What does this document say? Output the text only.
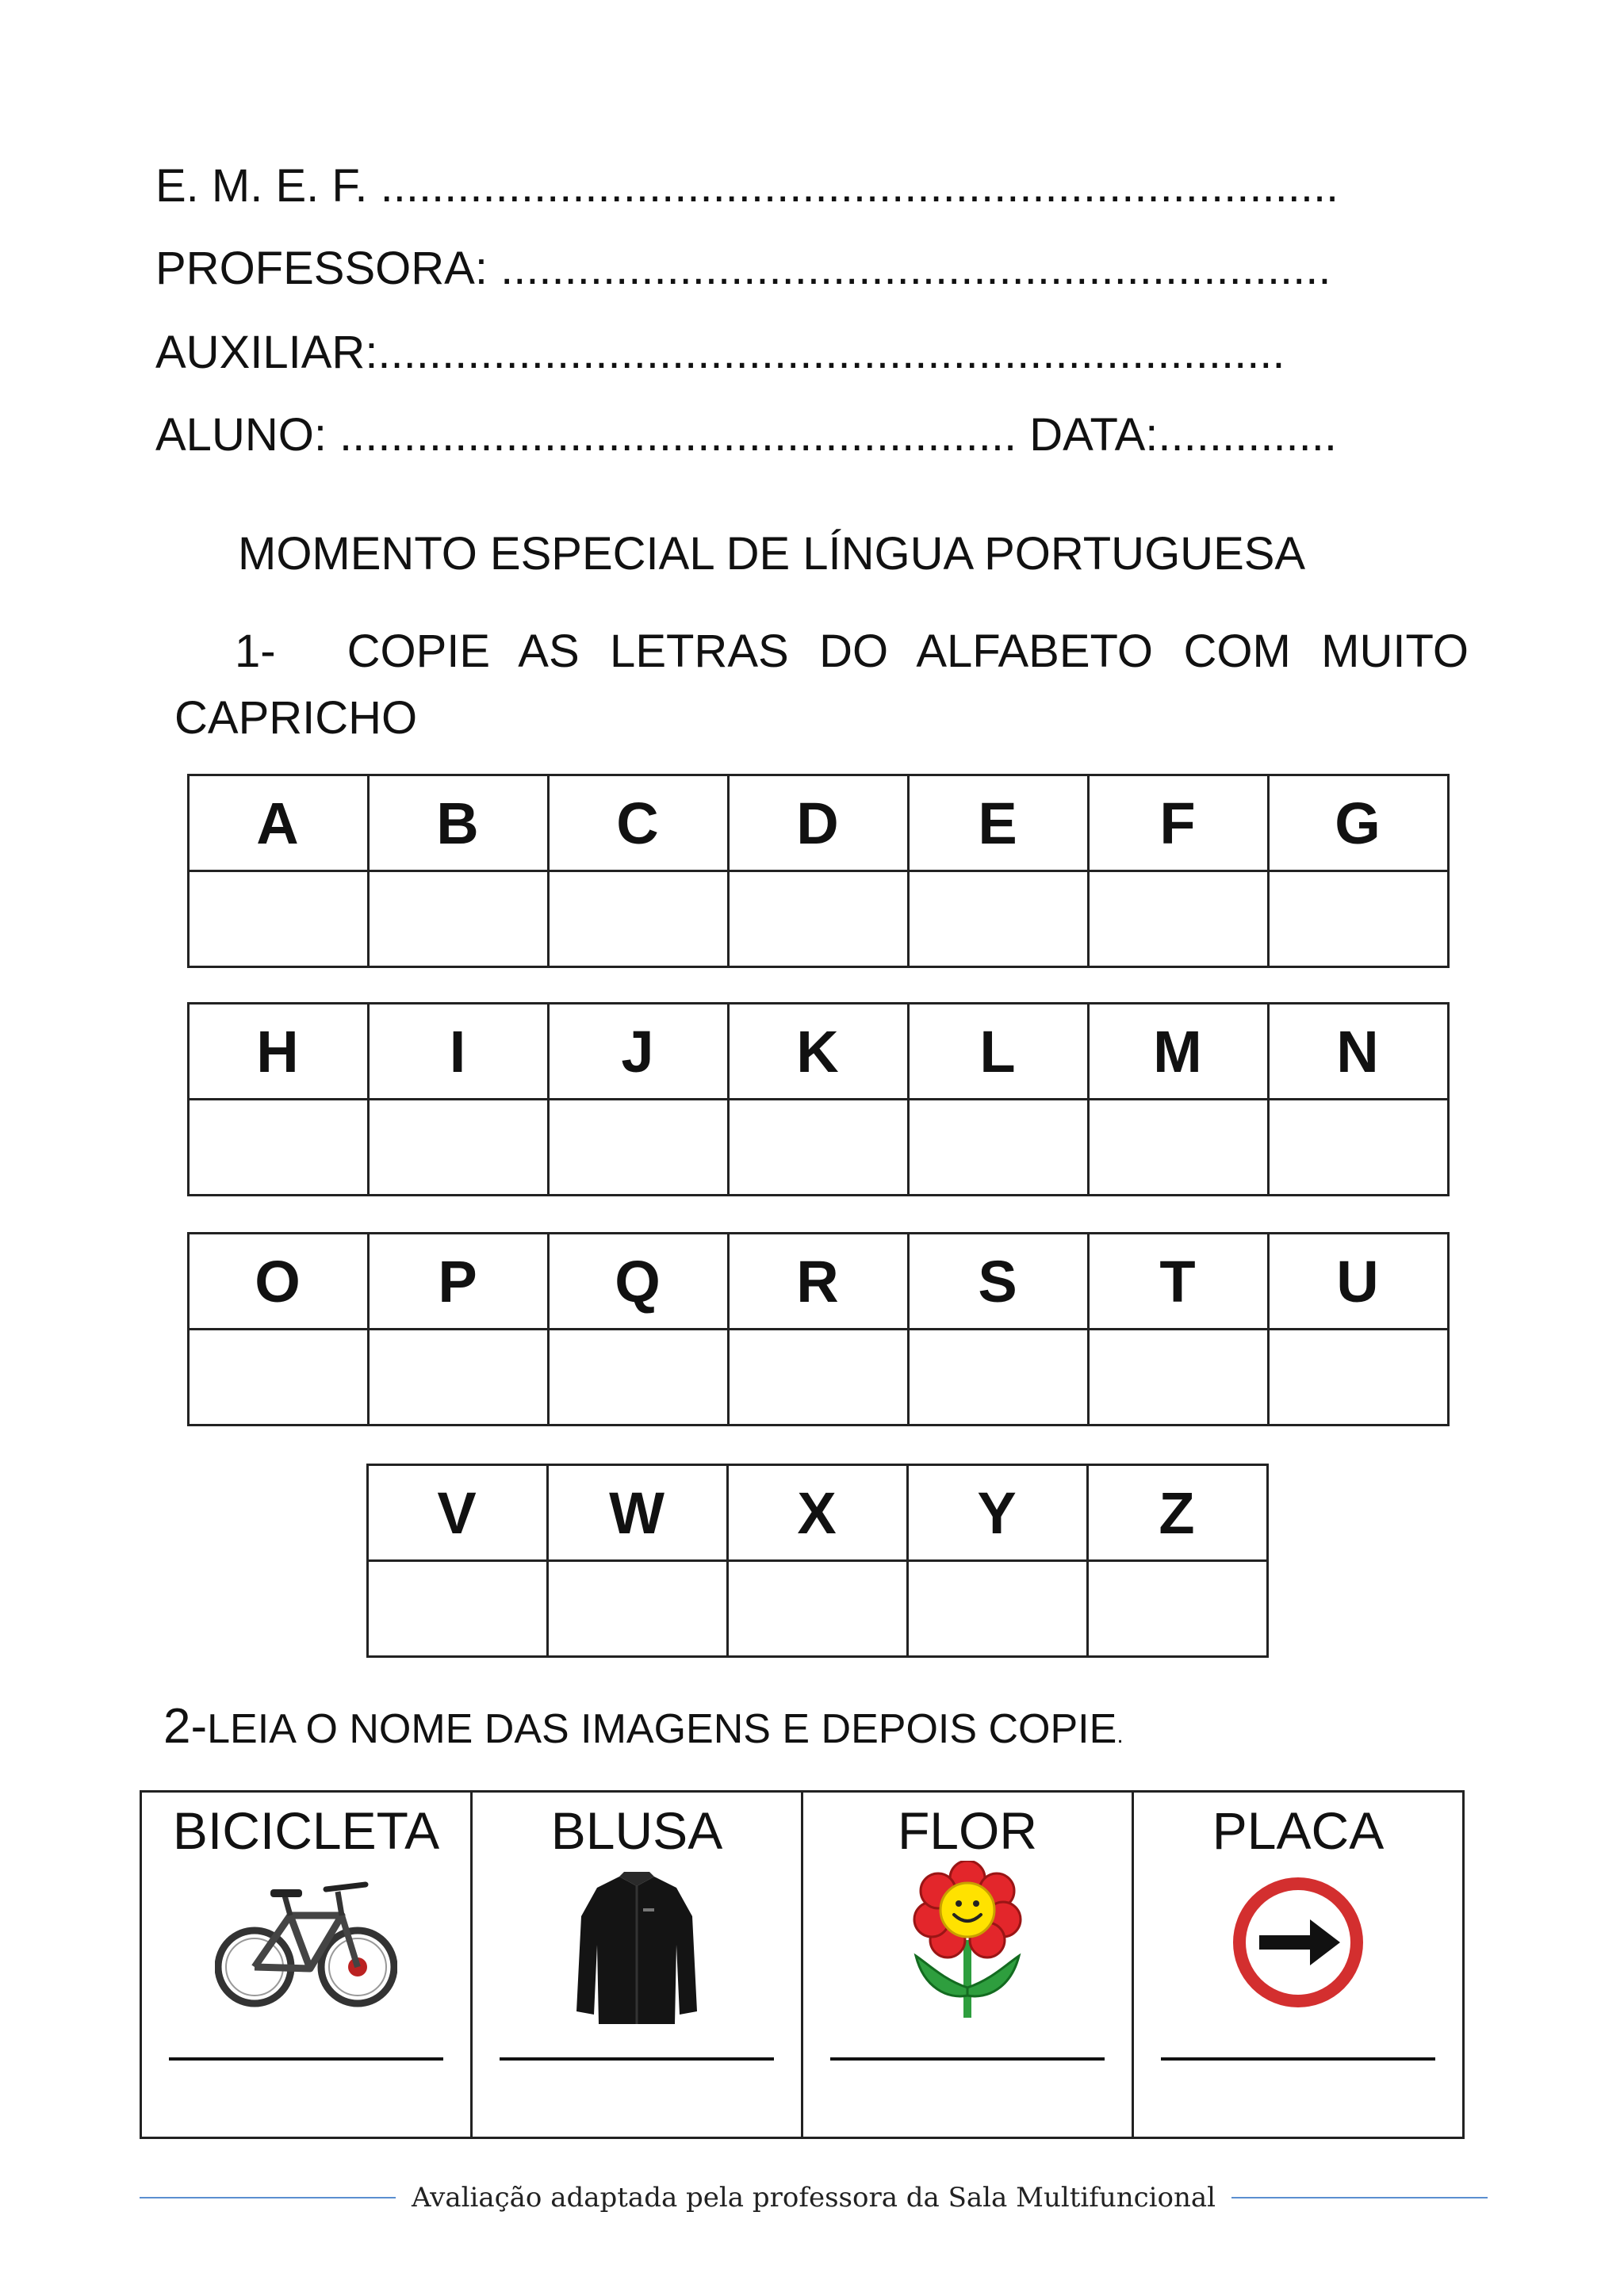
E. M. E. F. ...........................................................................
PROFESSORA: .................................................................
AUXILIAR:.......................................................................
ALUNO: ..................................................... DATA:..............
MOMENTO ESPECIAL DE LÍNGUA PORTUGUESA
1- COPIE AS LETRAS DO ALFABETO COM MUITO
CAPRICHO
A	B	C	D	E	F	G

H	I	J	K	L	M	N

O	P	Q	R	S	T	U

V	W	X	Y	Z

2-LEIA O NOME DAS IMAGENS E DEPOIS COPIE.
BICICLETA	BLUSA	FLOR	PLACA
Avaliação adaptada pela professora da Sala Multifuncional
